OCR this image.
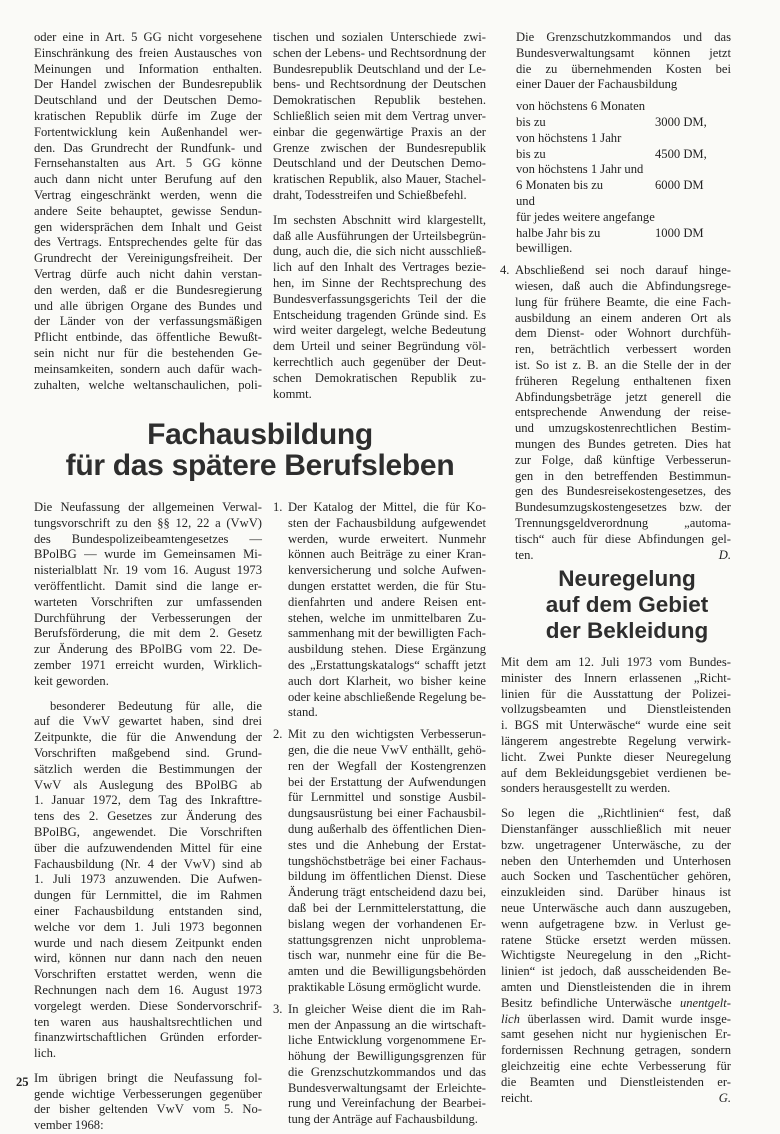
Fachausbildung
für das spätere Berufsleben
Neuregelung
auf dem Gebiet
der Bekleidung
oder eine in Art. 5 GG nicht vorgesehene
Einschränkung des freien Austausches von
Meinungen und Information enthalten.
Der Handel zwischen der Bundesrepublik
Deutschland und der Deutschen Demo-
kratischen Republik dürfe im Zuge der
Fortentwicklung kein Außenhandel wer-
den. Das Grundrecht der Rundfunk- und
Fernsehanstalten aus Art. 5 GG könne
auch dann nicht unter Berufung auf den
Vertrag eingeschränkt werden, wenn die
andere Seite behauptet, gewisse Sendun-
gen widersprächen dem Inhalt und Geist
des Vertrags. Entsprechendes gelte für das
Grundrecht der Vereinigungsfreiheit. Der
Vertrag dürfe auch nicht dahin verstan-
den werden, daß er die Bundesregierung
und alle übrigen Organe des Bundes und
der Länder von der verfassungsmäßigen
Pflicht entbinde, das öffentliche Bewußt-
sein nicht nur für die bestehenden Ge-
meinsamkeiten, sondern auch dafür wach-
zuhalten, welche weltanschaulichen, poli-
tischen und sozialen Unterschiede zwi-
schen der Lebens- und Rechtsordnung der
Bundesrepublik Deutschland und der Le-
bens- und Rechtsordnung der Deutschen
Demokratischen Republik bestehen.
Schließlich seien mit dem Vertrag unver-
einbar die gegenwärtige Praxis an der
Grenze zwischen der Bundesrepublik
Deutschland und der Deutschen Demo-
kratischen Republik, also Mauer, Stachel-
draht, Todesstreifen und Schießbefehl.
Im sechsten Abschnitt wird klargestellt,
daß alle Ausführungen der Urteilsbegrün-
dung, auch die, die sich nicht ausschließ-
lich auf den Inhalt des Vertrages bezie-
hen, im Sinne der Rechtsprechung des
Bundesverfassungsgerichts Teil der die
Entscheidung tragenden Gründe sind. Es
wird weiter dargelegt, welche Bedeutung
dem Urteil und seiner Begründung völ-
kerrechtlich auch gegenüber der Deut-
schen Demokratischen Republik zu-
kommt.
Die Grenzschutzkommandos und das
Bundesverwaltungsamt können jetzt
die zu übernehmenden Kosten bei
einer Dauer der Fachausbildung
von höchstens 6 Monaten
bis zu	3000 DM,
von höchstens 1 Jahr
bis zu	4500 DM,
von höchstens 1 Jahr und
6 Monaten bis zu	6000 DM
und
für jedes weitere angefange
halbe Jahr bis zu	1000 DM
bewilligen.
4. Abschließend sei noch darauf hinge-
wiesen, daß auch die Abfindungsrege-
lung für frühere Beamte, die eine Fach-
ausbildung an einem anderen Ort als
dem Dienst- oder Wohnort durchfüh-
ren, beträchtlich verbessert worden
ist. So ist z. B. an die Stelle der in der
früheren Regelung enthaltenen fixen
Abfindungsbeträge jetzt generell die
entsprechende Anwendung der reise-
und umzugskostenrechtlichen Bestim-
mungen des Bundes getreten. Dies hat
zur Folge, daß künftige Verbesserun-
gen in den betreffenden Bestimmun-
gen des Bundesreisekostengesetzes, des
Bundesumzugskostengesetzes bzw. der
Trennungsgeldverordnung „automa-
tisch“ auch für diese Abfindungen gel-
ten.	D.
Die Neufassung der allgemeinen Verwal-
tungsvorschrift zu den §§ 12, 22 a (VwV)
des Bundespolizeibeamtengesetzes —
BPolBG — wurde im Gemeinsamen Mi-
nisterialblatt Nr. 19 vom 16. August 1973
veröffentlicht. Damit sind die lange er-
warteten Vorschriften zur umfassenden
Durchführung der Verbesserungen der
Berufsförderung, die mit dem 2. Gesetz
zur Änderung des BPolBG vom 22. De-
zember 1971 erreicht wurden, Wirklich-
keit geworden.
besonderer Bedeutung für alle, die
auf die VwV gewartet haben, sind drei
Zeitpunkte, die für die Anwendung der
Vorschriften maßgebend sind. Grund-
sätzlich werden die Bestimmungen der
VwV als Auslegung des BPolBG ab
1. Januar 1972, dem Tag des Inkrafttre-
tens des 2. Gesetzes zur Änderung des
BPolBG, angewendet. Die Vorschriften
über die aufzuwendenden Mittel für eine
Fachausbildung (Nr. 4 der VwV) sind ab
1. Juli 1973 anzuwenden. Die Aufwen-
dungen für Lernmittel, die im Rahmen
einer Fachausbildung entstanden sind,
welche vor dem 1. Juli 1973 begonnen
wurde und nach diesem Zeitpunkt enden
wird, können nur dann nach den neuen
Vorschriften erstattet werden, wenn die
Rechnungen nach dem 16. August 1973
vorgelegt werden. Diese Sondervorschrif-
ten waren aus haushaltsrechtlichen und
finanzwirtschaftlichen Gründen erforder-
lich.
Im übrigen bringt die Neufassung fol-
gende wichtige Verbesserungen gegenüber
der bisher geltenden VwV vom 5. No-
vember 1968:
1. Der Katalog der Mittel, die für Ko-
sten der Fachausbildung aufgewendet
werden, wurde erweitert. Nunmehr
können auch Beiträge zu einer Kran-
kenversicherung und solche Aufwen-
dungen erstattet werden, die für Stu-
dienfahrten und andere Reisen ent-
stehen, welche im unmittelbaren Zu-
sammenhang mit der bewilligten Fach-
ausbildung stehen. Diese Ergänzung
des „Erstattungskatalogs“ schafft jetzt
auch dort Klarheit, wo bisher keine
oder keine abschließende Regelung be-
stand.
2. Mit zu den wichtigsten Verbesserun-
gen, die die neue VwV enthällt, gehö-
ren der Wegfall der Kostengrenzen
bei der Erstattung der Aufwendungen
für Lernmittel und sonstige Ausbil-
dungsausrüstung bei einer Fachausbil-
dung außerhalb des öffentlichen Dien-
stes und die Anhebung der Erstat-
tungshöchstbeträge bei einer Fachaus-
bildung im öffentlichen Dienst. Diese
Änderung trägt entscheidend dazu bei,
daß bei der Lernmittelerstattung, die
bislang wegen der vorhandenen Er-
stattungsgrenzen nicht unproblema-
tisch war, nunmehr eine für die Be-
amten und die Bewilligungsbehörden
praktikable Lösung ermöglicht wurde.
3. In gleicher Weise dient die im Rah-
men der Anpassung an die wirtschaft-
liche Entwicklung vorgenommene Er-
höhung der Bewilligungsgrenzen für
die Grenzschutzkommandos und das
Bundesverwaltungsamt der Erleichte-
rung und Vereinfachung der Bearbei-
tung der Anträge auf Fachausbildung.
Mit dem am 12. Juli 1973 vom Bundes-
minister des Innern erlassenen „Richt-
linien für die Ausstattung der Polizei-
vollzugsbeamten und Dienstleistenden
i. BGS mit Unterwäsche“ wurde eine seit
längerem angestrebte Regelung verwirk-
licht. Zwei Punkte dieser Neuregelung
auf dem Bekleidungsgebiet verdienen be-
sonders herausgestellt zu werden.
So legen die „Richtlinien“ fest, daß
Dienstanfänger ausschließlich mit neuer
bzw. ungetragener Unterwäsche, zu der
neben den Unterhemden und Unterhosen
auch Socken und Taschentücher gehören,
einzukleiden sind. Darüber hinaus ist
neue Unterwäsche auch dann auszugeben,
wenn aufgetragene bzw. in Verlust ge-
ratene Stücke ersetzt werden müssen.
Wichtigste Neuregelung in den „Richt-
linien“ ist jedoch, daß ausscheidenden Be-
amten und Dienstleistenden die in ihrem
Besitz befindliche Unterwäsche unentgelt-
lich überlassen wird. Damit wurde insge-
samt gesehen nicht nur hygienischen Er-
fordernissen Rechnung getragen, sondern
gleichzeitig eine echte Verbesserung für
die Beamten und Dienstleistenden er-
reicht.	G.
25
